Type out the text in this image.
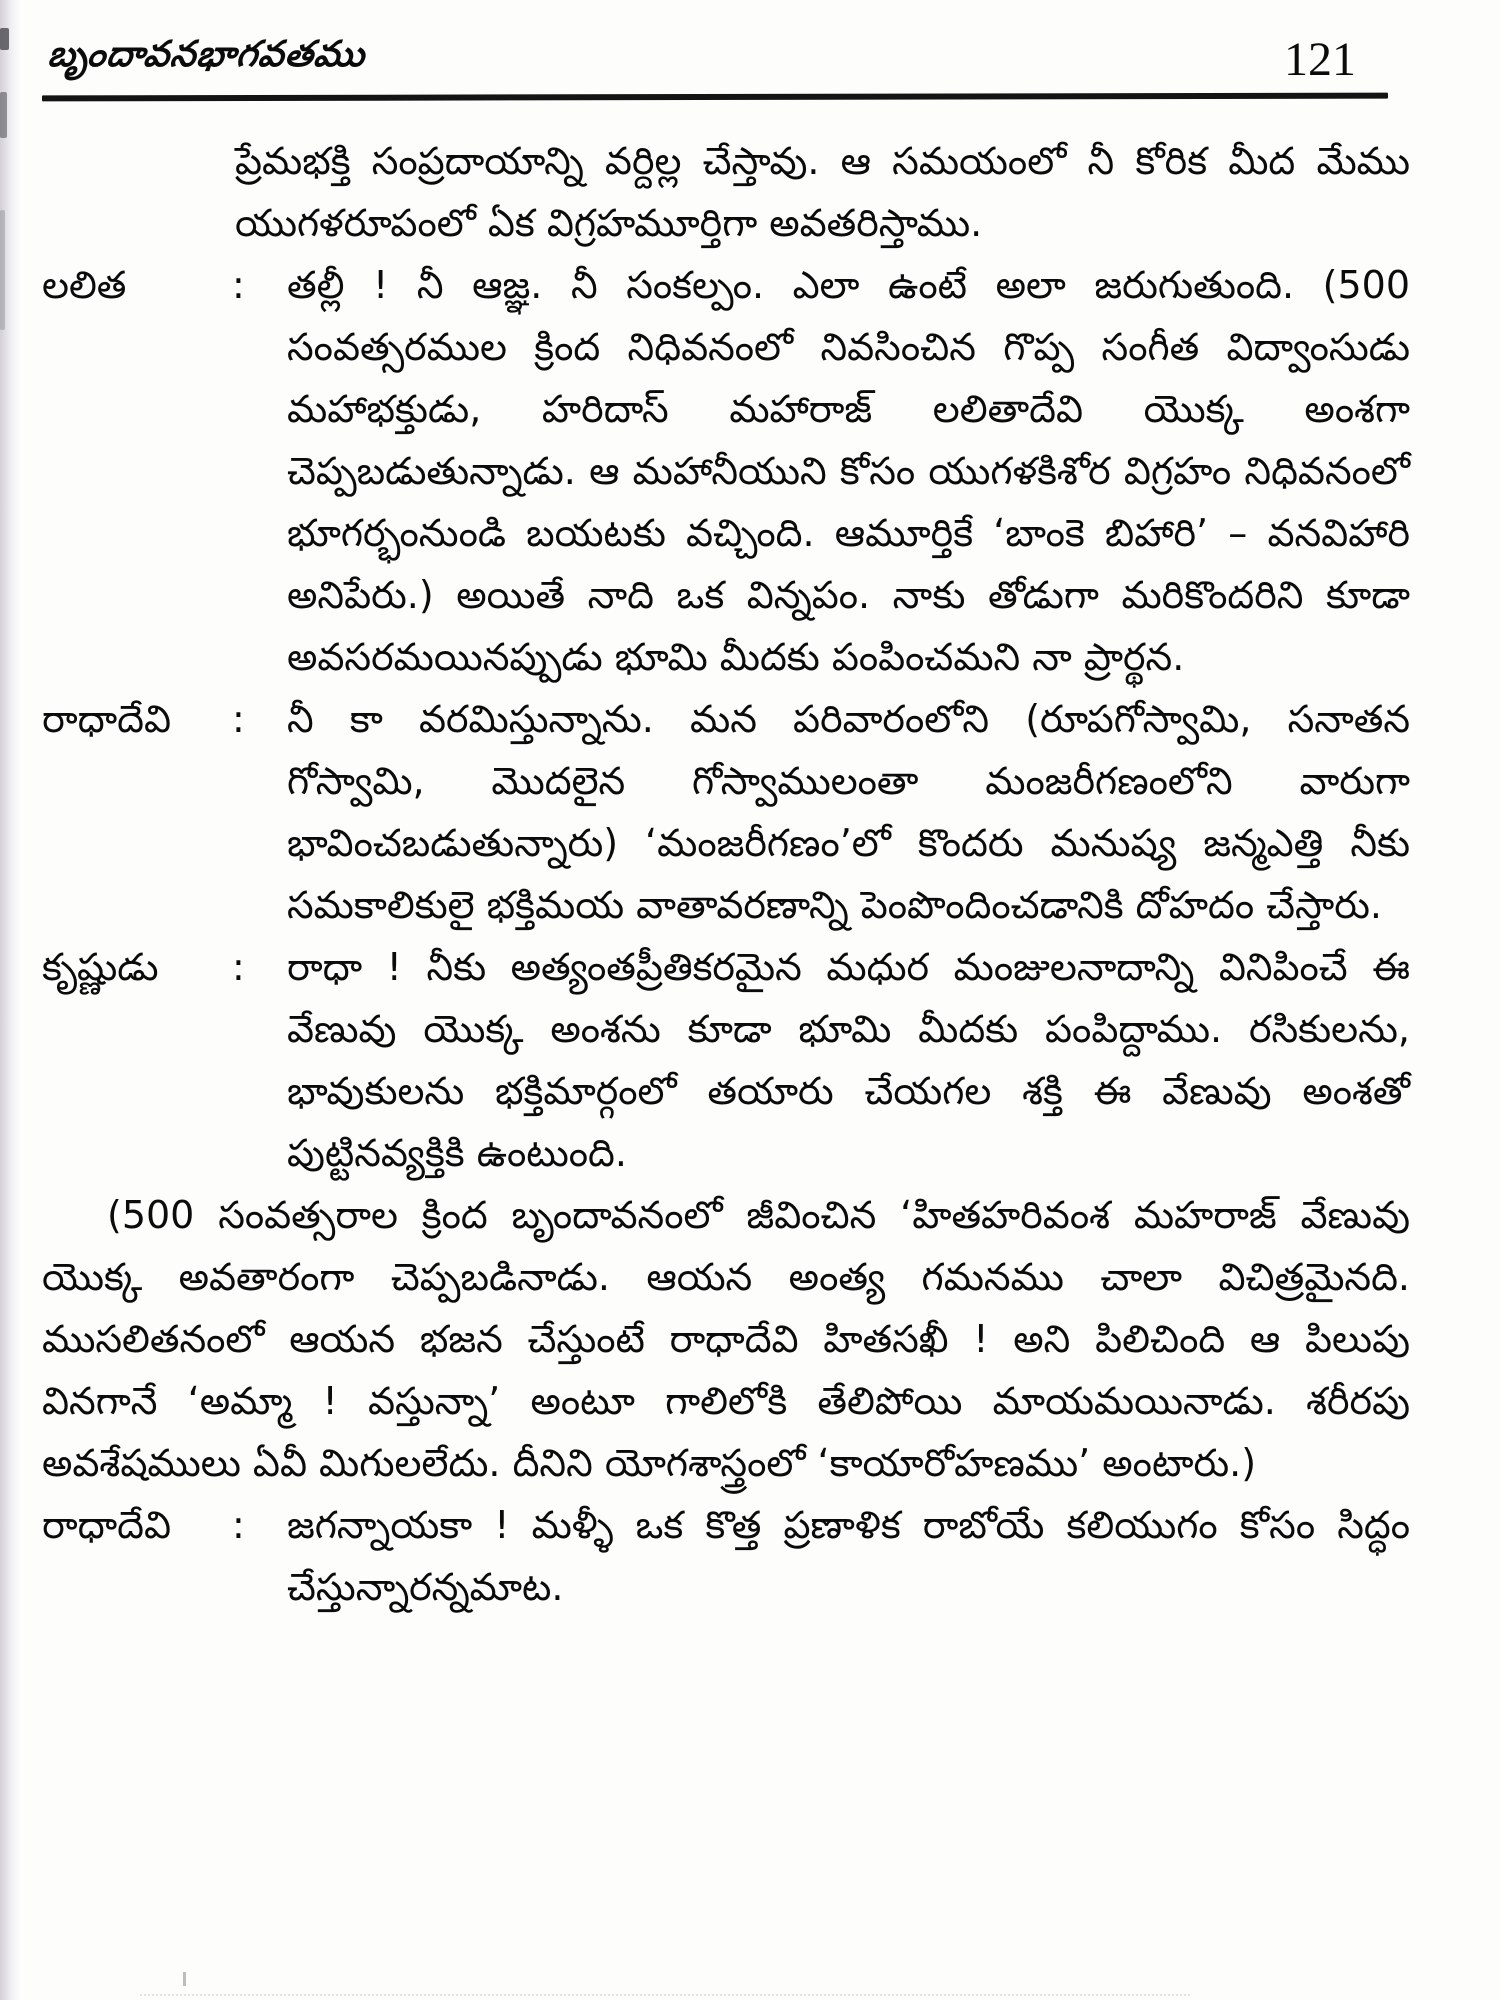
బృందావనభాగవతము	121

ప్రేమభక్తి సంప్రదాయాన్ని వర్దిల్ల చేస్తావు. ఆ సమయంలో నీ కోరిక మీద మేము యుగళరూపంలో ఏక విగ్రహమూర్తిగా అవతరిస్తాము.

లలిత	:	తల్లీ ! నీ ఆజ్ఞ. నీ సంకల్పం. ఎలా ఉంటే అలా జరుగుతుంది. (500 సంవత్సరముల క్రింద నిధివనంలో నివసించిన గొప్ప సంగీత విద్వాంసుడు మహాభక్తుడు, హరిదాస్ మహారాజ్ లలితాదేవి యొక్క అంశగా చెప్పబడుతున్నాడు. ఆ మహానీయుని కోసం యుగళకిశోర విగ్రహం నిధివనంలో భూగర్భంనుండి బయటకు వచ్చింది. ఆమూర్తికే ‘బాంకె బిహారి’ – వనవిహారి అనిపేరు.) అయితే నాది ఒక విన్నపం. నాకు తోడుగా మరికొందరిని కూడా అవసరమయినప్పుడు భూమి మీదకు పంపించమని నా ప్రార్థన.

రాధాదేవి	:	నీ కా వరమిస్తున్నాను. మన పరివారంలోని (రూపగోస్వామి, సనాతన గోస్వామి, మొదలైన గోస్వాములంతా మంజరీగణంలోని వారుగా భావించబడుతున్నారు) ‘మంజరీగణం’లో కొందరు మనుష్య జన్మఎత్తి నీకు సమకాలికులై భక్తిమయ వాతావరణాన్ని పెంపొందించడానికి దోహదం చేస్తారు.

కృష్ణుడు	:	రాధా ! నీకు అత్యంతప్రీతికరమైన మధుర మంజులనాదాన్ని వినిపించే ఈ వేణువు యొక్క అంశను కూడా భూమి మీదకు పంపిద్దాము. రసికులను, భావుకులను భక్తిమార్గంలో తయారు చేయగల శక్తి ఈ వేణువు అంశతో పుట్టినవ్యక్తికి ఉంటుంది.

(500 సంవత్సరాల క్రింద బృందావనంలో జీవించిన ‘హితహరివంశ మహరాజ్ వేణువు యొక్క అవతారంగా చెప్పబడినాడు. ఆయన అంత్య గమనము చాలా విచిత్రమైనది. ముసలితనంలో ఆయన భజన చేస్తుంటే రాధాదేవి హితసఖీ ! అని పిలిచింది ఆ పిలుపు వినగానే ‘అమ్మా ! వస్తున్నా’ అంటూ గాలిలోకి తేలిపోయి మాయమయినాడు. శరీరపు అవశేషములు ఏవీ మిగులలేదు. దీనిని యోగశాస్త్రంలో ‘కాయారోహణము’ అంటారు.)

రాధాదేవి	:	జగన్నాయకా ! మళ్ళీ ఒక కొత్త ప్రణాళిక రాబోయే కలియుగం కోసం సిద్ధం చేస్తున్నారన్నమాట.
